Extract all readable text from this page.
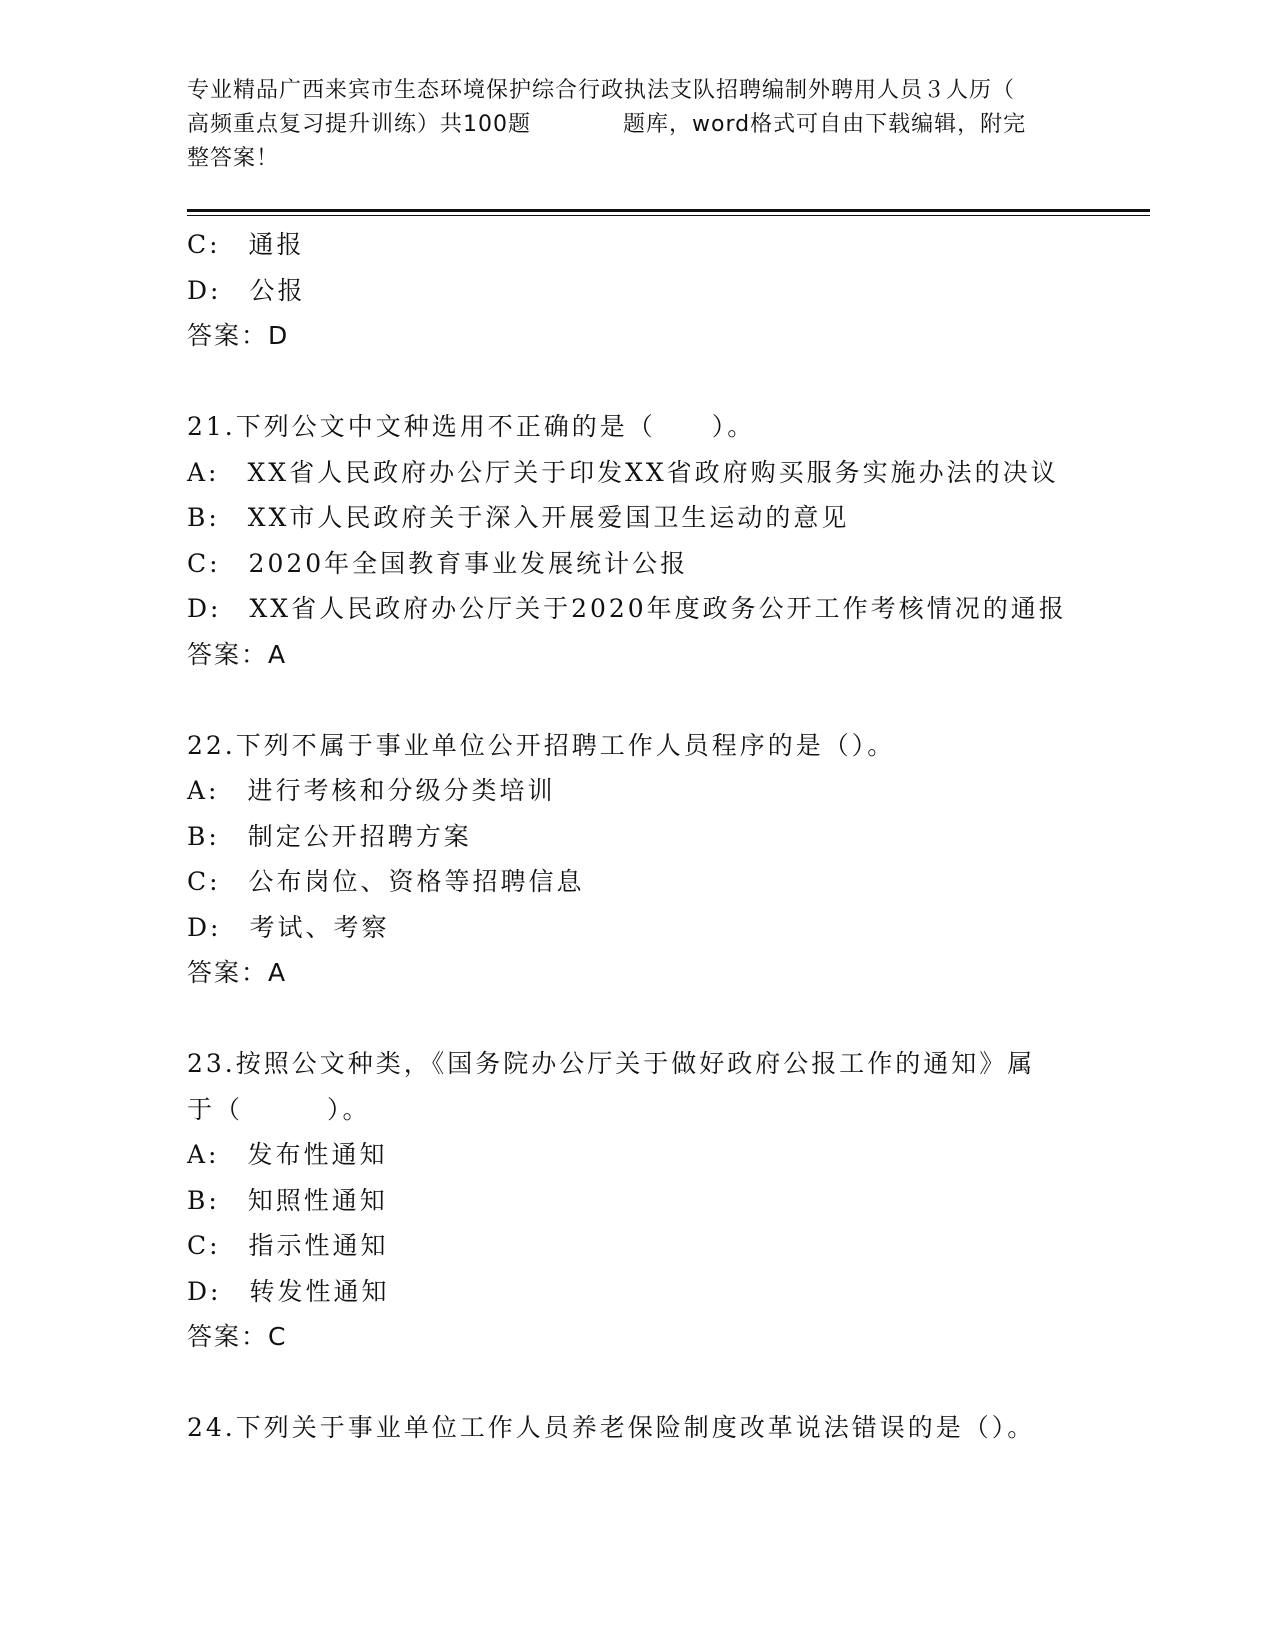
专业精品广西来宾市生态环境保护综合行政执法支队招聘编制外聘用人员３人历（
高频重点复习提升训练）共100题　　　　题库，word格式可自由下载编辑，附完
整答案！
C:　通报
D:　公报
答案：D
21.下列公文中文种选用不正确的是（　　）。
A:　XX省人民政府办公厅关于印发XX省政府购买服务实施办法的决议
B:　XX市人民政府关于深入开展爱国卫生运动的意见
C:　2020年全国教育事业发展统计公报
D:　XX省人民政府办公厅关于2020年度政务公开工作考核情况的通报
答案：A
22.下列不属于事业单位公开招聘工作人员程序的是（）。
A:　进行考核和分级分类培训
B:　制定公开招聘方案
C:　公布岗位、资格等招聘信息
D:　考试、考察
答案：A
23.按照公文种类，《国务院办公厅关于做好政府公报工作的通知》属
于（　　　）。
A:　发布性通知
B:　知照性通知
C:　指示性通知
D:　转发性通知
答案：C
24.下列关于事业单位工作人员养老保险制度改革说法错误的是（）。
